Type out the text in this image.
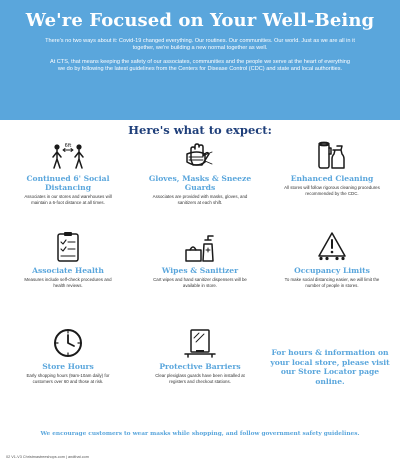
We're Focused on Your Well-Being

There's no two ways about it: Covid-19 changed everything. Our routines. Our communities. Our world. Just as we are all in it together, we're building a new normal together as well.

At CTS, that means keeping the safety of our associates, communities and the people we serve at the heart of everything we do by following the latest guidelines from the Centers for Disease Control (CDC) and state and local authorities.

Here's what to expect:
6ft
Continued 6' Social Distancing
Associates in our stores and warehouses will maintain a 6-foot distance at all times.
Gloves, Masks & Sneeze Guards
Associates are provided with masks, gloves, and sanitizers at each shift.
Enhanced Cleaning
All stores will follow rigorous cleaning procedures recommended by the CDC.
Associate Health
Measures include self-check procedures and health reviews.
Wipes & Sanitizer
Cart wipes and hand sanitizer dispensers will be available in store.
Occupancy Limits
To make social distancing easier, we will limit the number of people in stores.
Store Hours
Early shopping hours (9am-10am daily) for customers over 60 and those at risk.
Protective Barriers
Clear plexiglass guards have been installed at registers and checkout stations.
For hours & information on your local store, please visit our Store Locator page online.
We encourage customers to wear masks while shopping, and follow government safety guidelines.
02 V1-V3 Christmastreeshops.com | andthat.com
